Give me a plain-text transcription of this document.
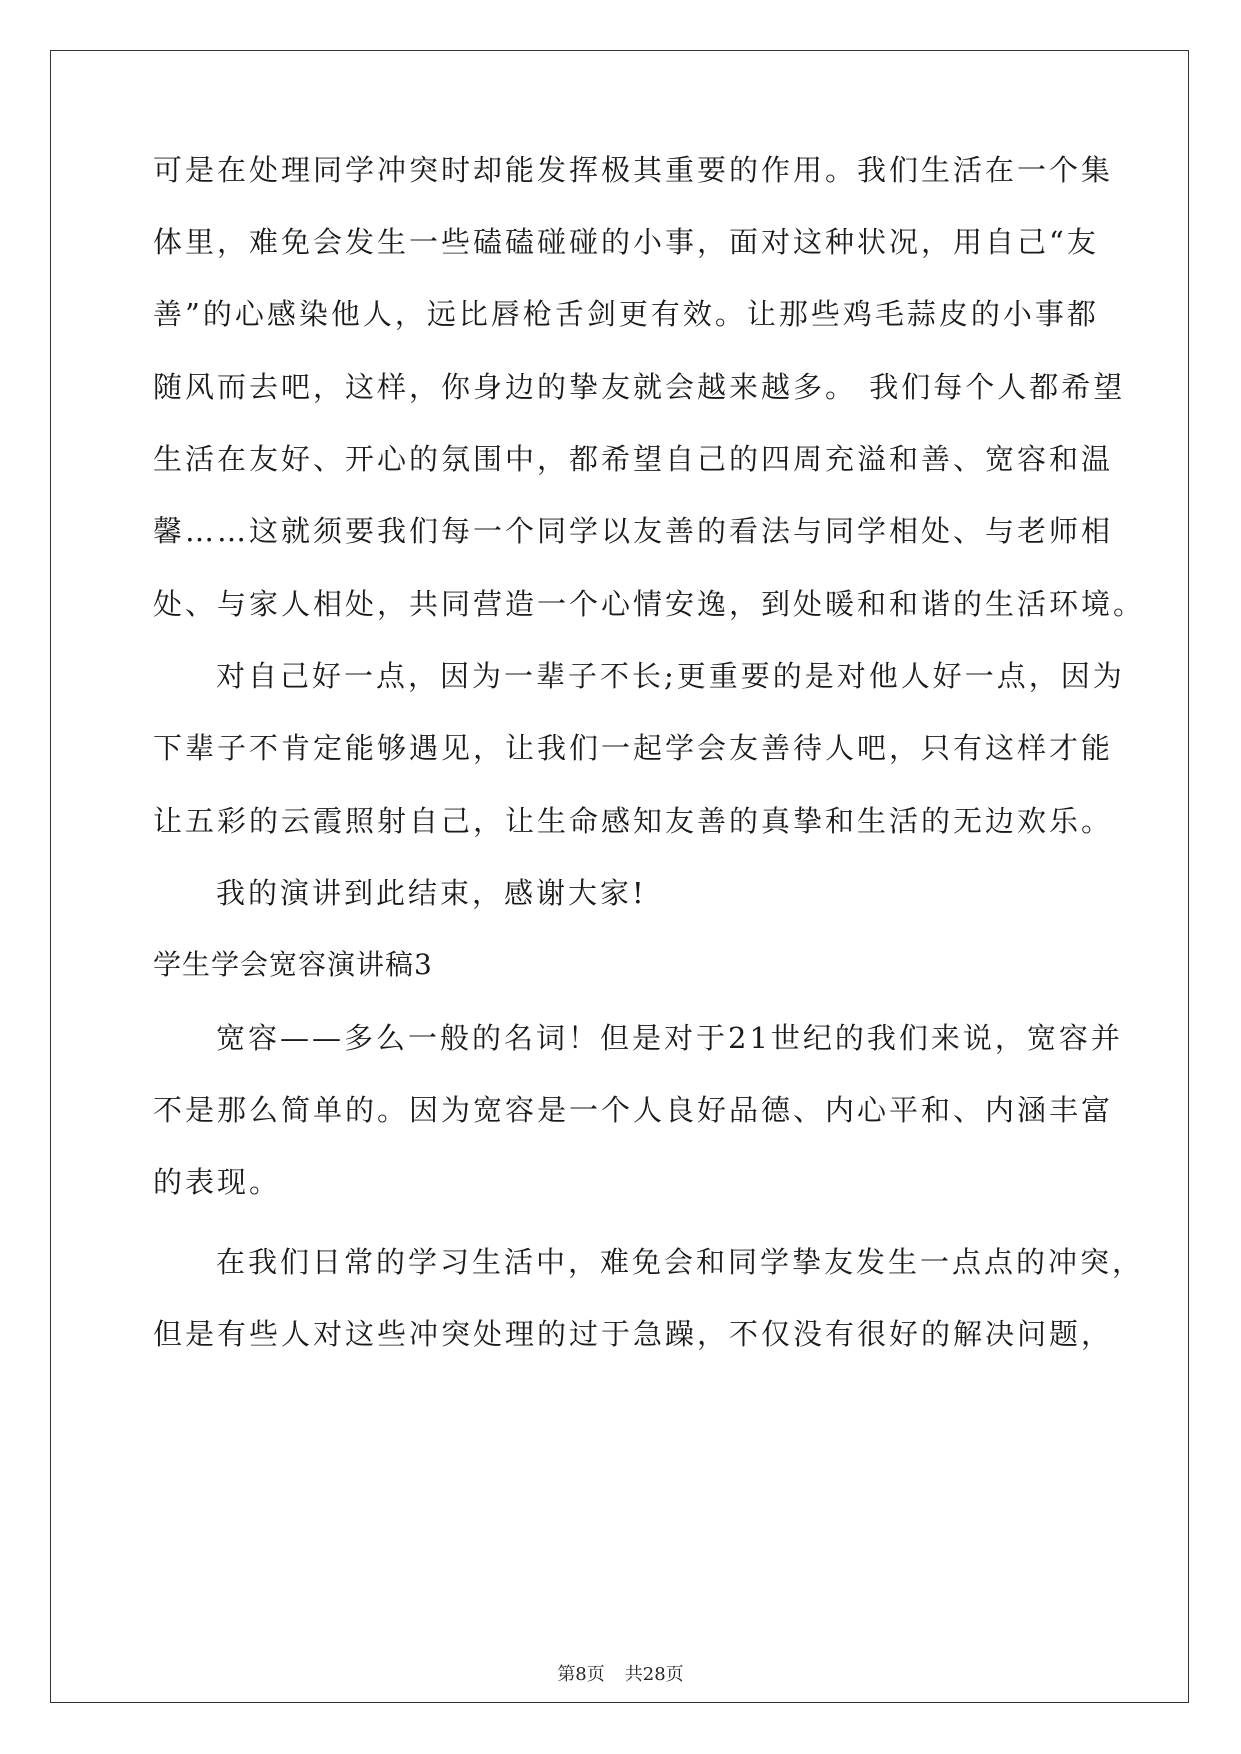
可是在处理同学冲突时却能发挥极其重要的作用。我们生活在一个集
体里，难免会发生一些磕磕碰碰的小事，面对这种状况，用自己“友
善”的心感染他人，远比唇枪舌剑更有效。让那些鸡毛蒜皮的小事都
随风而去吧，这样，你身边的挚友就会越来越多。 我们每个人都希望
生活在友好、开心的氛围中，都希望自己的四周充溢和善、宽容和温
馨……这就须要我们每一个同学以友善的看法与同学相处、与老师相
处、与家人相处，共同营造一个心情安逸，到处暖和和谐的生活环境。
对自己好一点，因为一辈子不长;更重要的是对他人好一点，因为
下辈子不肯定能够遇见，让我们一起学会友善待人吧，只有这样才能
让五彩的云霞照射自己，让生命感知友善的真挚和生活的无边欢乐。
我的演讲到此结束，感谢大家!
学生学会宽容演讲稿3
宽容——多么一般的名词！但是对于21世纪的我们来说，宽容并
不是那么简单的。因为宽容是一个人良好品德、内心平和、内涵丰富
的表现。
在我们日常的学习生活中，难免会和同学挚友发生一点点的冲突，
但是有些人对这些冲突处理的过于急躁，不仅没有很好的解决问题，
第8页 共28页
